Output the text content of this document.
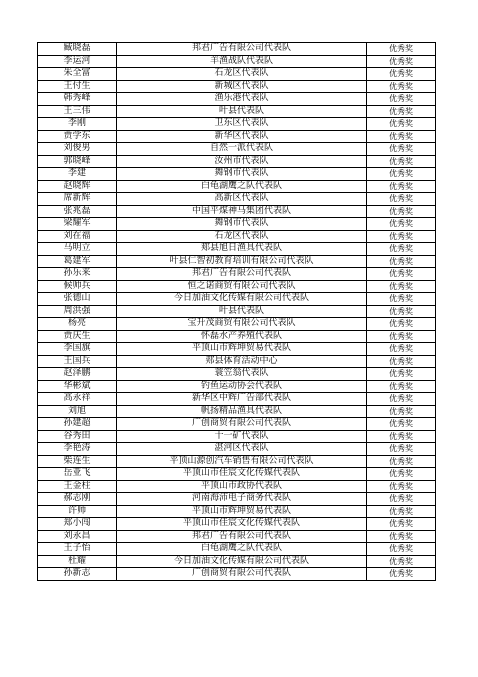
臧晓磊	邦君广告有限公司代表队	优秀奖
李运河	羊渔战队代表队	优秀奖
朱全富	石龙区代表队	优秀奖
王付生	新城区代表队	优秀奖
韩秀峰	渔乐港代表队	优秀奖
王三伟	叶县代表队	优秀奖
李刚	卫东区代表队	优秀奖
贾学东	新华区代表队	优秀奖
刘俊男	自然一派代表队	优秀奖
郭晓峰	汝州市代表队	优秀奖
李建	舞钢市代表队	优秀奖
赵晓辉	白龟湖鹰之队代表队	优秀奖
席新辉	高新区代表队	优秀奖
张兆磊	中国平煤神马集团代表队	优秀奖
梁耀军	舞钢市代表队	优秀奖
刘在福	石龙区代表队	优秀奖
马明立	郏县旭日渔具代表队	优秀奖
葛建军	叶县仁智初教育培训有限公司代表队	优秀奖
孙乐来	邦君广告有限公司代表队	优秀奖
候帅兵	恒之诺商贸有限公司代表队	优秀奖
张德山	今日加油文化传媒有限公司代表队	优秀奖
周洪强	叶县代表队	优秀奖
杨亮	宝升茂商贸有限公司代表队	优秀奖
贾庆生	怀磊水产养殖代表队	优秀奖
李国旗	平顶山市辉坤贸易代表队	优秀奖
王国兵	郏县体育活动中心	优秀奖
赵泽鹏	蓑笠翁代表队	优秀奖
华彬斌	钓鱼运动协会代表队	优秀奖
高永祥	新华区中辉广告部代表队	优秀奖
刘旭	帆扬精品渔具代表队	优秀奖
孙建超	广创商贸有限公司代表队	优秀奖
谷秀田	十一矿代表队	优秀奖
李艳涛	湛河区代表队	优秀奖
柴连生	平顶山源创汽车销售有限公司代表队	优秀奖
岳亚飞	平顶山市佳宸文化传媒代表队	优秀奖
王金柱	平顶山市政协代表队	优秀奖
郝志刚	河南海沛电子商务代表队	优秀奖
许帅	平顶山市辉坤贸易代表队	优秀奖
郑小闯	平顶山市佳宸文化传媒代表队	优秀奖
刘永昌	邦君广告有限公司代表队	优秀奖
王子怡	白龟湖鹰之队代表队	优秀奖
杜耀	今日加油文化传媒有限公司代表队	优秀奖
孙新志	广创商贸有限公司代表队	优秀奖
